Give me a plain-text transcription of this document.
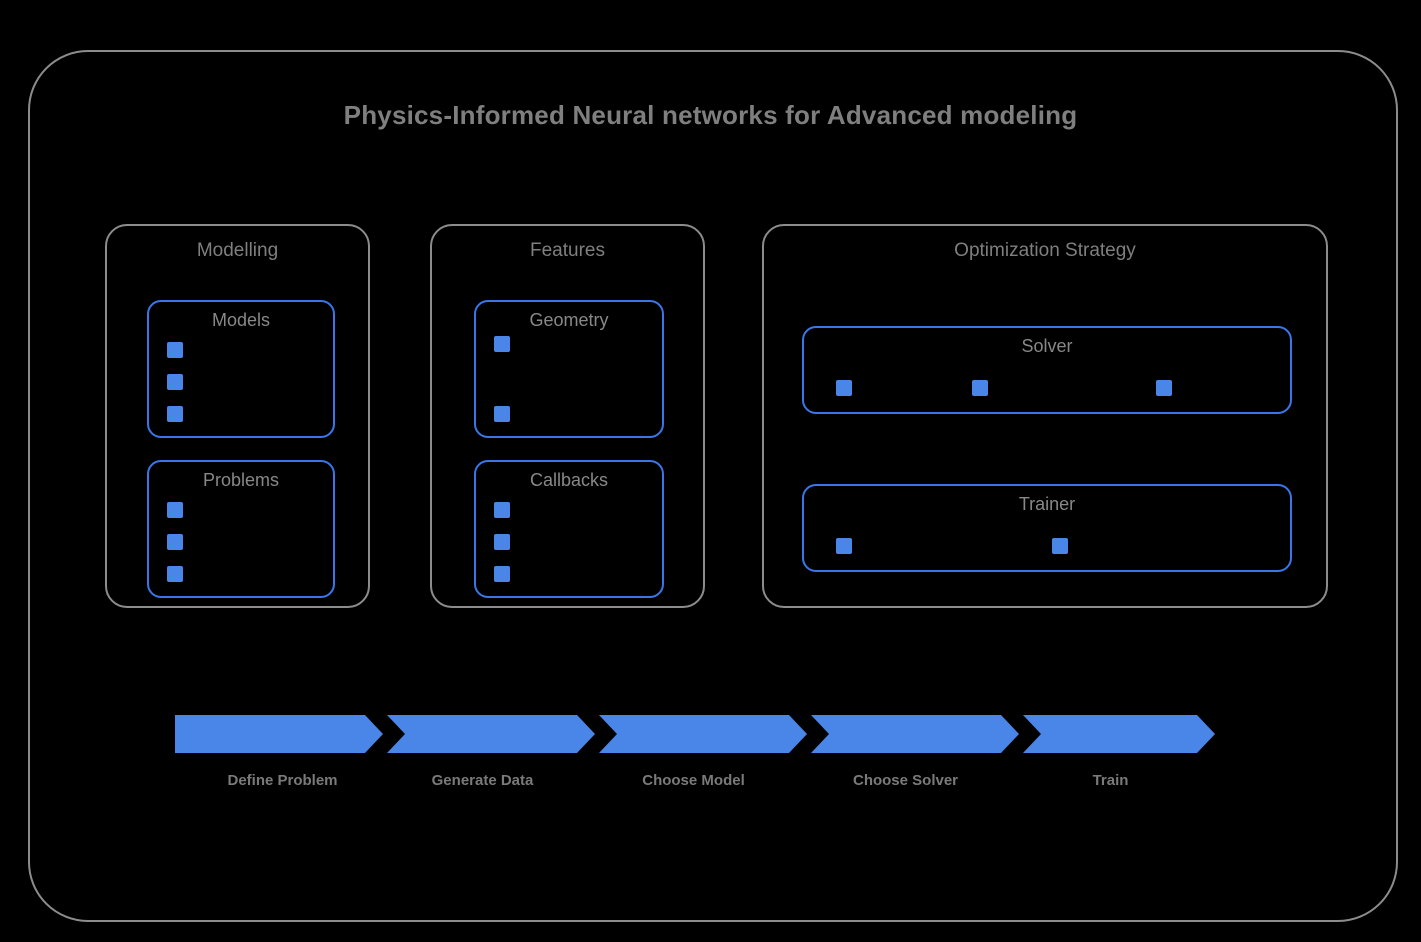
Physics-Informed Neural networks for Advanced modeling
Modelling
Models
Problems
Features
Geometry
Callbacks
Optimization Strategy
Solver
Trainer
Define Problem	Generate Data	Choose Model	Choose Solver	Train
